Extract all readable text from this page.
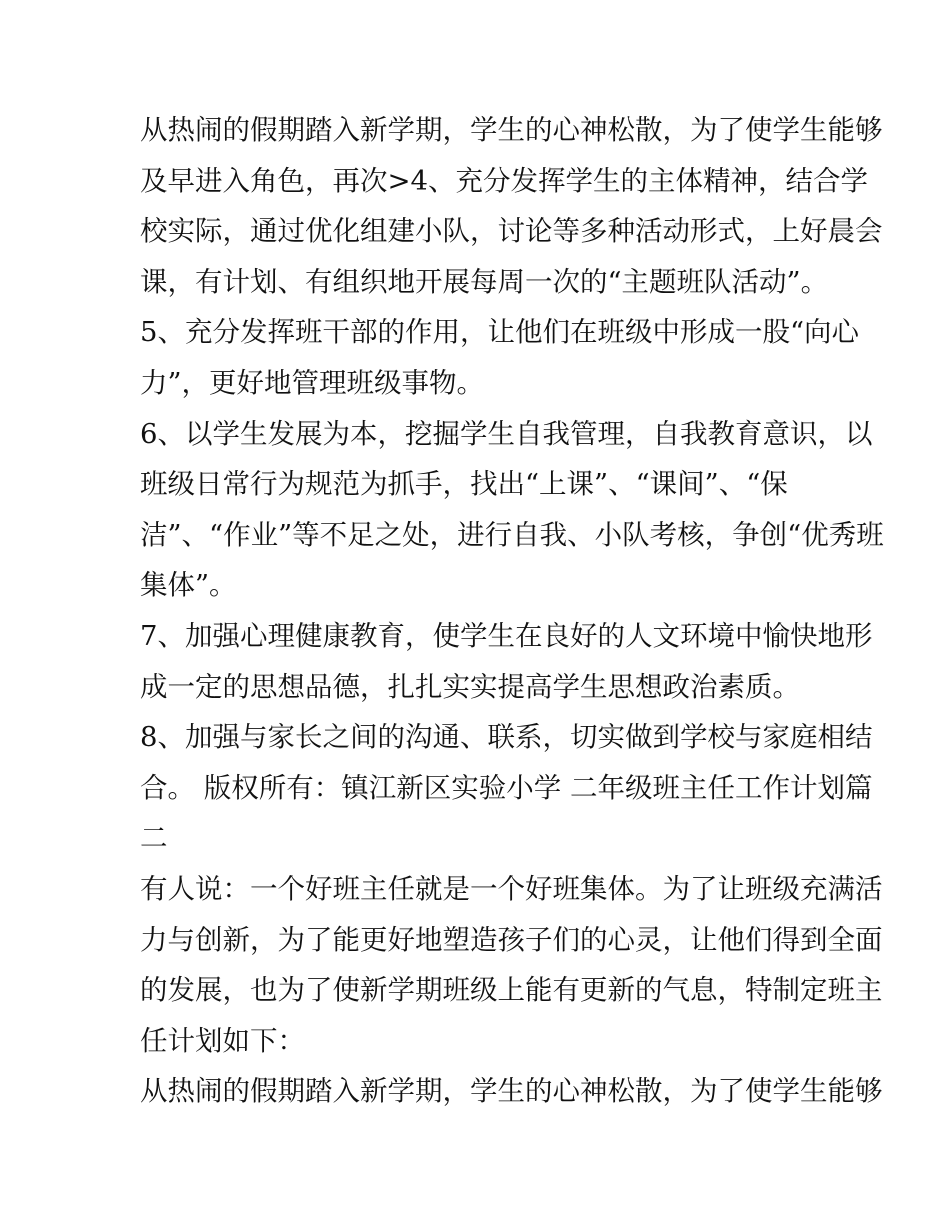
从热闹的假期踏入新学期，学生的心神松散，为了使学生能够
及早进入角色，再次>4、充分发挥学生的主体精神，结合学
校实际，通过优化组建小队，讨论等多种活动形式，上好晨会
课，有计划、有组织地开展每周一次的“主题班队活动”。
5、充分发挥班干部的作用，让他们在班级中形成一股“向心
力”，更好地管理班级事物。
6、以学生发展为本，挖掘学生自我管理，自我教育意识，以
班级日常行为规范为抓手，找出“上课”、“课间”、“保
洁”、“作业”等不足之处，进行自我、小队考核，争创“优秀班
集体”。
7、加强心理健康教育，使学生在良好的人文环境中愉快地形
成一定的思想品德，扎扎实实提高学生思想政治素质。
8、加强与家长之间的沟通、联系，切实做到学校与家庭相结
合。 版权所有：镇江新区实验小学 二年级班主任工作计划篇
二
有人说：一个好班主任就是一个好班集体。为了让班级充满活
力与创新，为了能更好地塑造孩子们的心灵，让他们得到全面
的发展，也为了使新学期班级上能有更新的气息，特制定班主
任计划如下：
从热闹的假期踏入新学期，学生的心神松散，为了使学生能够
